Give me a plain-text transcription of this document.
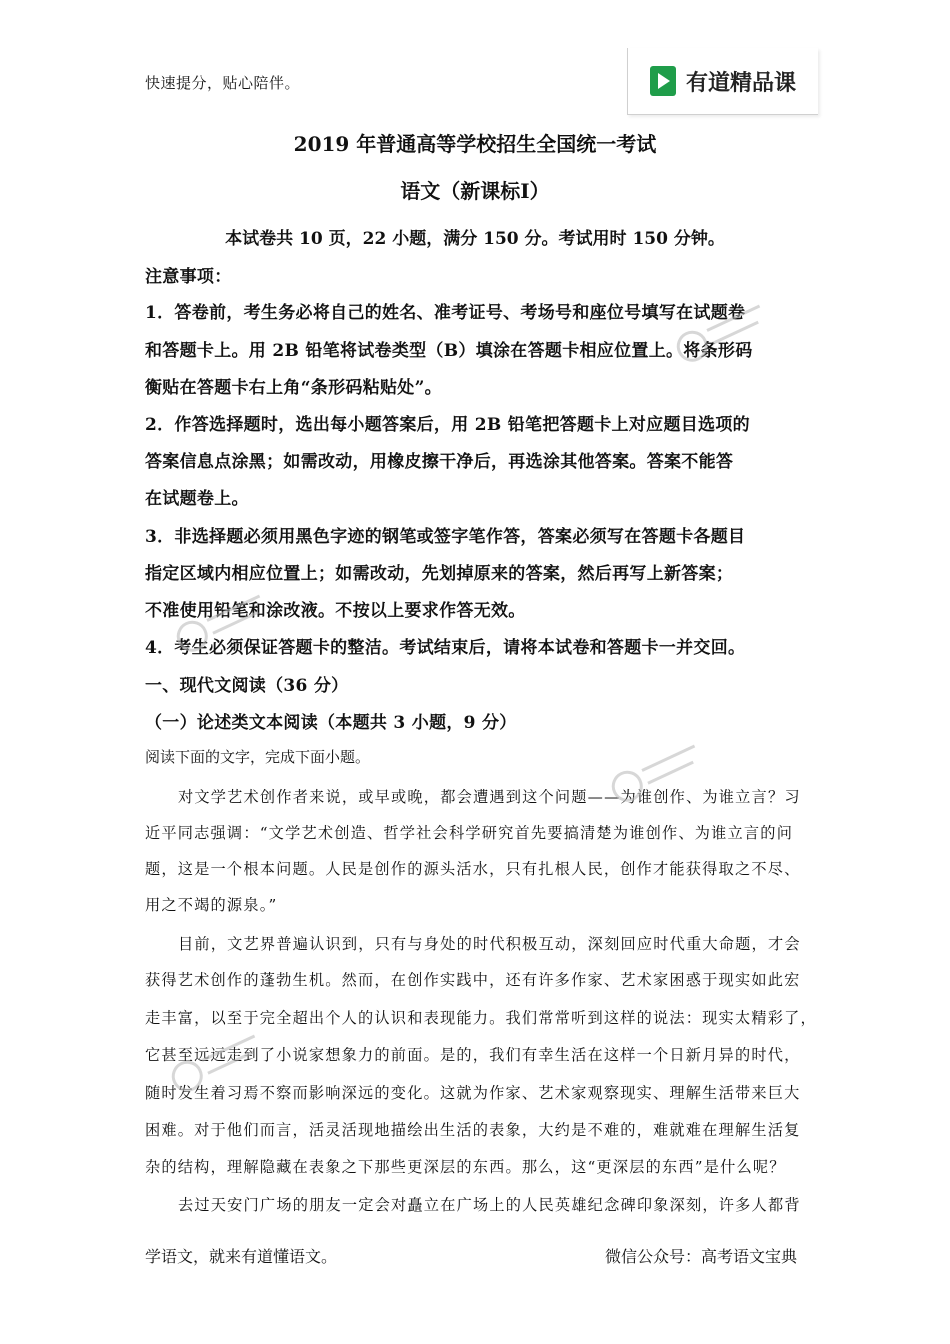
快速提分，贴心陪伴。	有道精品课
2019 年普通高等学校招生全国统一考试
语文（新课标Ⅰ）
本试卷共 10 页，22 小题，满分 150 分。考试用时 150 分钟。
注意事项：
1．答卷前，考生务必将自己的姓名、准考证号、考场号和座位号填写在试题卷
和答题卡上。用 2B 铅笔将试卷类型（B）填涂在答题卡相应位置上。将条形码
衡贴在答题卡右上角“条形码粘贴处”。
2．作答选择题时，选出每小题答案后，用 2B 铅笔把答题卡上对应题目选项的
答案信息点涂黑；如需改动，用橡皮擦干净后，再选涂其他答案。答案不能答
在试题卷上。
3．非选择题必须用黑色字迹的钢笔或签字笔作答，答案必须写在答题卡各题目
指定区域内相应位置上；如需改动，先划掉原来的答案，然后再写上新答案；
不准使用铅笔和涂改液。不按以上要求作答无效。
4．考生必须保证答题卡的整洁。考试结束后，请将本试卷和答题卡一并交回。
一、现代文阅读（36 分）
（一）论述类文本阅读（本题共 3 小题，9 分）
阅读下面的文字，完成下面小题。
对文学艺术创作者来说，或早或晚，都会遭遇到这个问题——为谁创作、为谁立言？习
近平同志强调：“文学艺术创造、哲学社会科学研究首先要搞清楚为谁创作、为谁立言的问
题，这是一个根本问题。人民是创作的源头活水，只有扎根人民，创作才能获得取之不尽、
用之不竭的源泉。”
目前，文艺界普遍认识到，只有与身处的时代积极互动，深刻回应时代重大命题，才会
获得艺术创作的蓬勃生机。然而，在创作实践中，还有许多作家、艺术家困惑于现实如此宏
走丰富，以至于完全超出个人的认识和表现能力。我们常常听到这样的说法：现实太精彩了，
它甚至远远走到了小说家想象力的前面。是的，我们有幸生活在这样一个日新月异的时代，
随时发生着习焉不察而影响深远的变化。这就为作家、艺术家观察现实、理解生活带来巨大
困难。对于他们而言，活灵活现地描绘出生活的表象，大约是不难的，难就难在理解生活复
杂的结构，理解隐藏在表象之下那些更深层的东西。那么，这“更深层的东西”是什么呢？
去过天安门广场的朋友一定会对矗立在广场上的人民英雄纪念碑印象深刻，许多人都背
学语文，就来有道懂语文。	微信公众号：高考语文宝典
